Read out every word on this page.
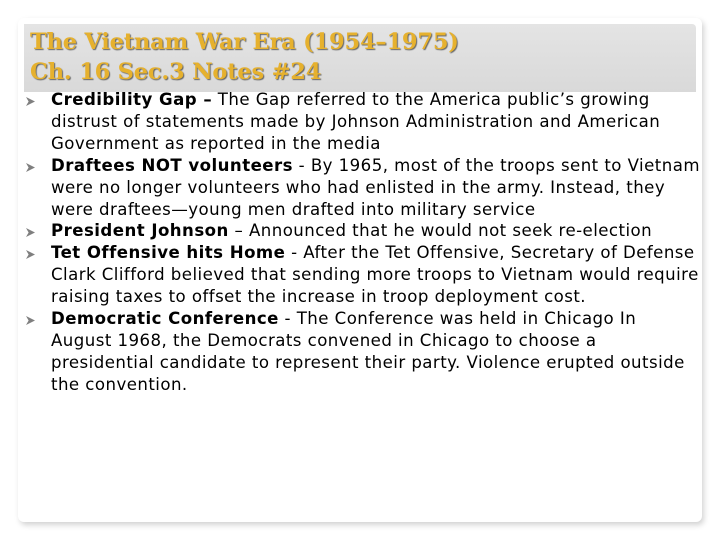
The Vietnam War Era (1954–1975)
Ch. 16 Sec.3 Notes #24
Credibility Gap – The Gap referred to the America public’s growing distrust of statements made by Johnson Administration and American Government as reported in the media
Draftees NOT volunteers - By 1965, most of the troops sent to Vietnam were no longer volunteers who had enlisted in the army. Instead, they were draftees—young men drafted into military service
President Johnson – Announced that he would not seek re-election
Tet Offensive hits Home - After the Tet Offensive, Secretary of Defense Clark Clifford believed that sending more troops to Vietnam would require raising taxes to offset the increase in troop deployment cost.
Democratic Conference - The Conference was held in Chicago In August 1968, the Democrats convened in Chicago to choose a presidential candidate to represent their party. Violence erupted outside the convention.
